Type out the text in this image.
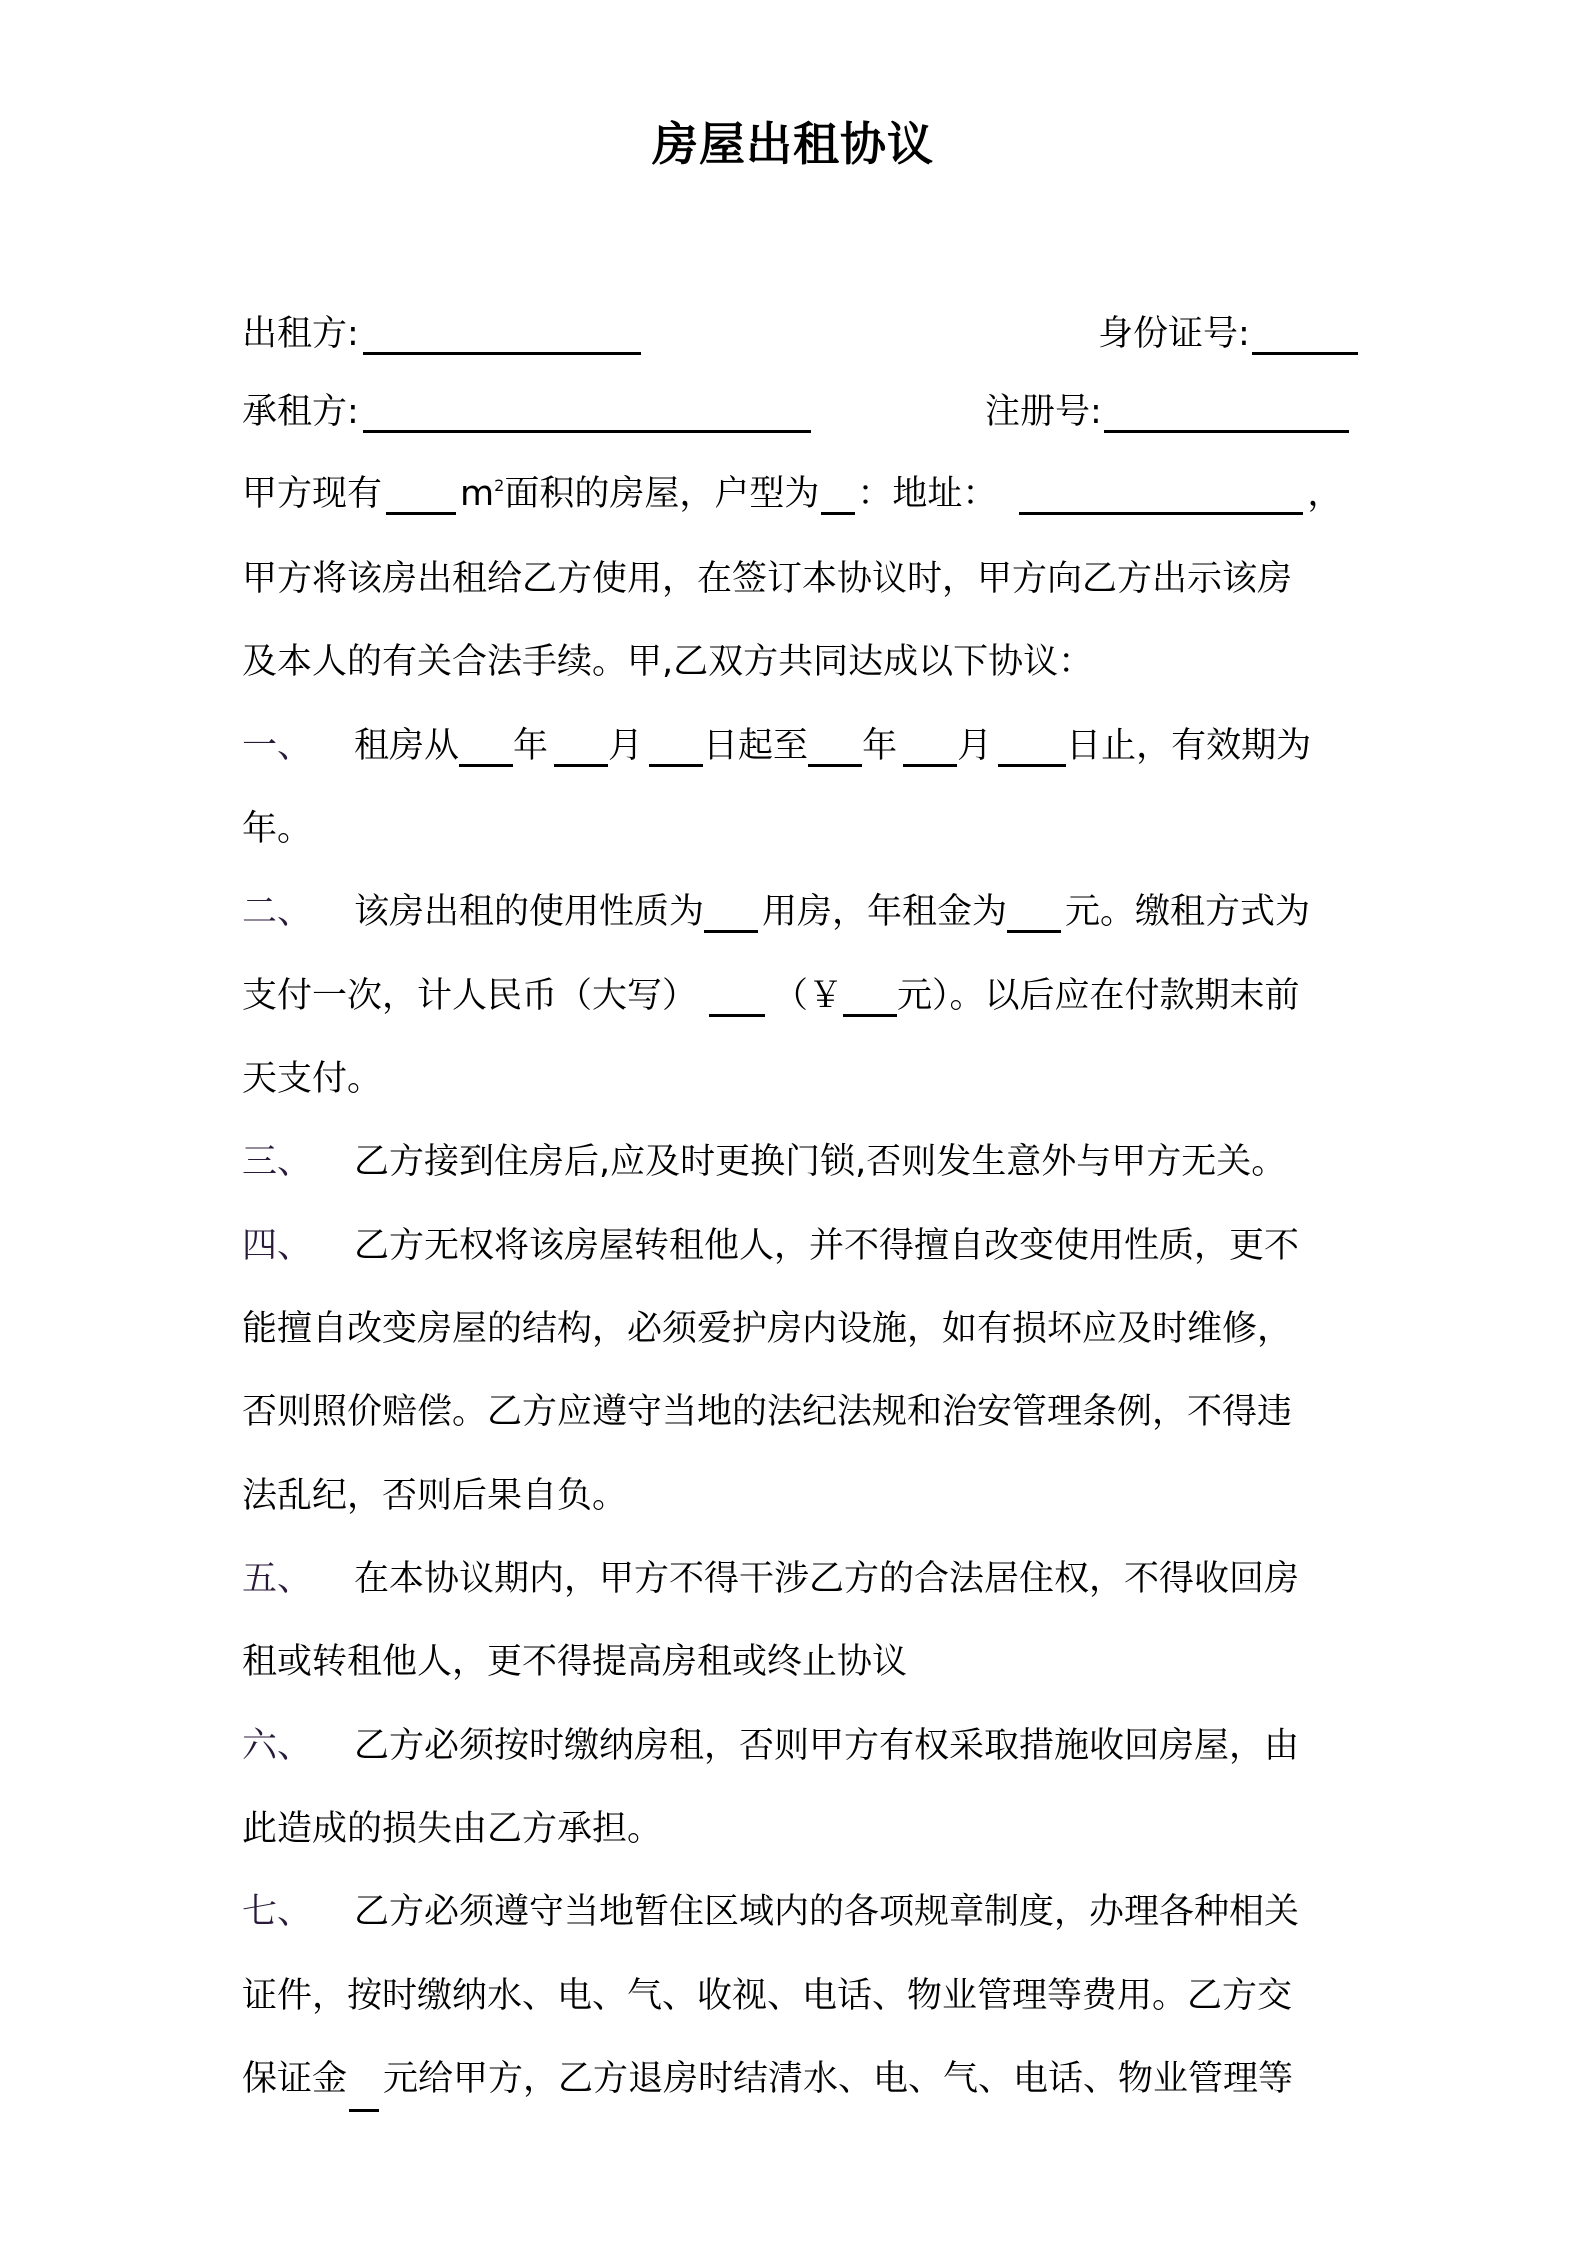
房屋出租协议
出租方:	身份证号:
承租方:	注册号:
甲方现有 $m^2$面积的房屋，户型为 ：地址：	，
甲方将该房出租给乙方使用，在签订本协议时，甲方向乙方出示该房
及本人的有关合法手续。甲,乙双方共同达成以下协议：
一、 租房从 年 月 日起至 年 月 日止，有效期为
年。
二、 该房出租的使用性质为 用房，年租金为 元。缴租方式为
支付一次，计人民币（大写） （￥ 元）。以后应在付款期末前
天支付。
三、 乙方接到住房后,应及时更换门锁,否则发生意外与甲方无关。
四、 乙方无权将该房屋转租他人，并不得擅自改变使用性质，更不
能擅自改变房屋的结构，必须爱护房内设施，如有损坏应及时维修，
否则照价赔偿。乙方应遵守当地的法纪法规和治安管理条例，不得违
法乱纪，否则后果自负。
五、 在本协议期内，甲方不得干涉乙方的合法居住权，不得收回房
租或转租他人，更不得提高房租或终止协议
六、 乙方必须按时缴纳房租，否则甲方有权采取措施收回房屋，由
此造成的损失由乙方承担。
七、 乙方必须遵守当地暂住区域内的各项规章制度，办理各种相关
证件，按时缴纳水、电、气、收视、电话、物业管理等费用。乙方交
保证金 元给甲方，乙方退房时结清水、电、气、电话、物业管理等
